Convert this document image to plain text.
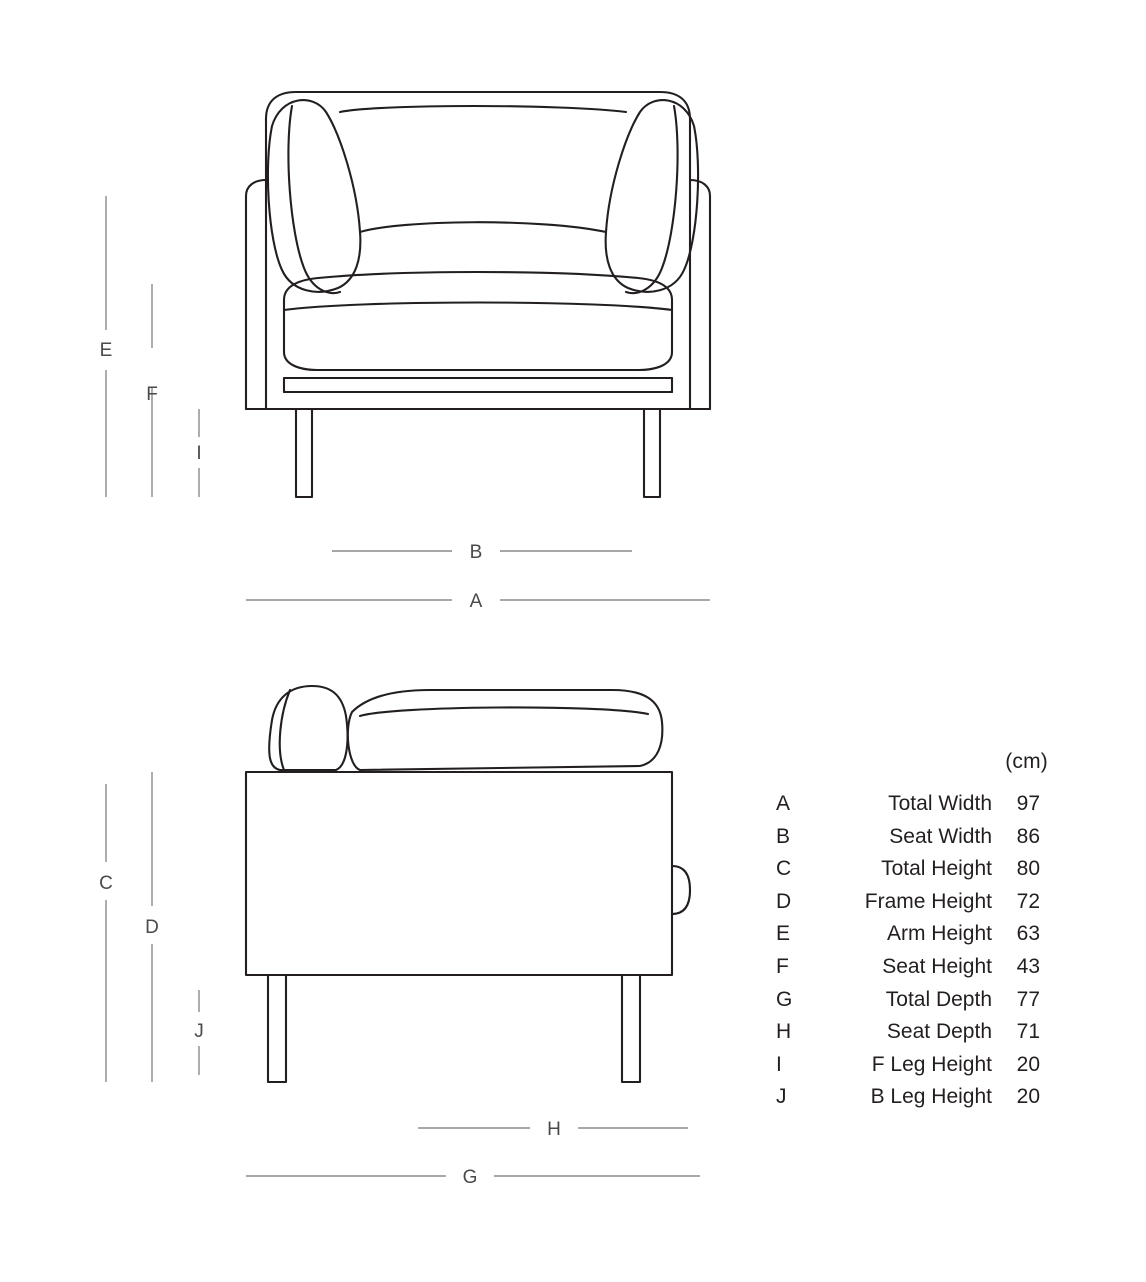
E
F
I
B
A
C
D
J
H
G
(cm)
A	Total Width	97
B	Seat Width	86
C	Total Height	80
D	Frame Height	72
E	Arm Height	63
F	Seat Height	43
G	Total Depth	77
H	Seat Depth	71
I	F Leg Height	20
J	B Leg Height	20
